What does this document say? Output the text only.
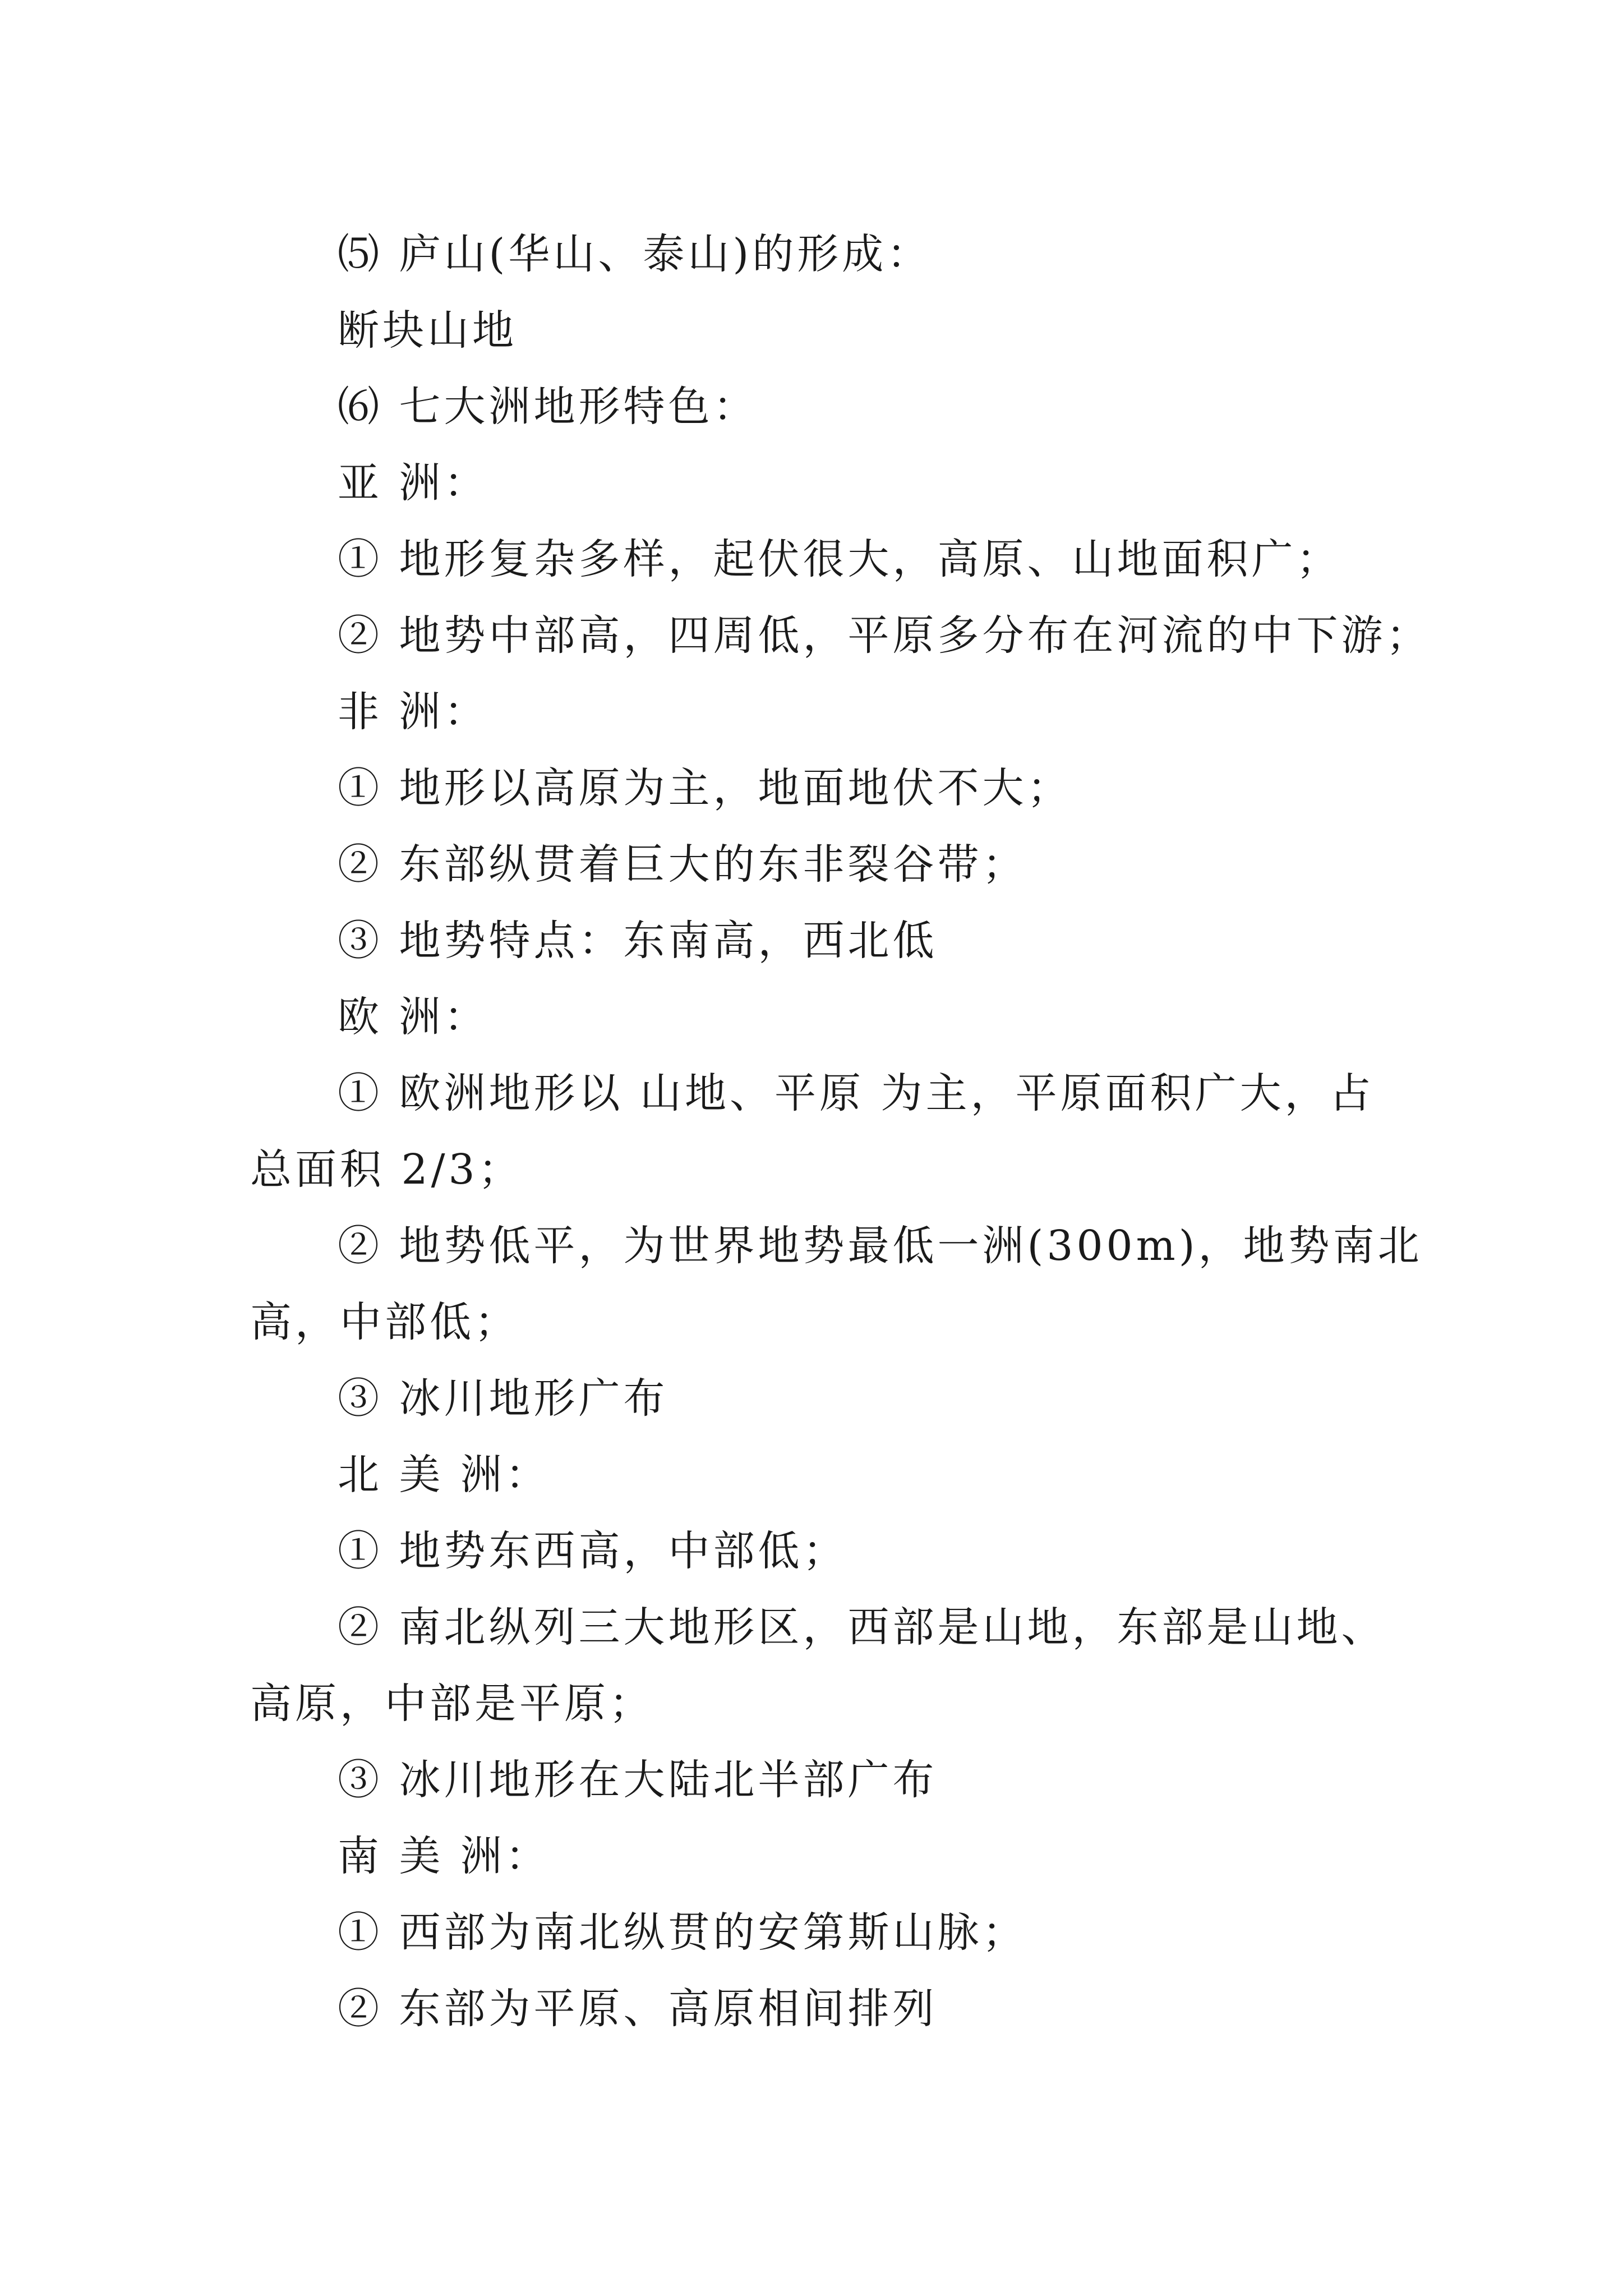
⑸ 庐山(华山、泰山)的形成：
断块山地
⑹ 七大洲地形特色：
亚 洲：
① 地形复杂多样，起伏很大，高原、山地面积广；
② 地势中部高，四周低，平原多分布在河流的中下游；
非 洲：
① 地形以高原为主，地面地伏不大；
② 东部纵贯着巨大的东非裂谷带；
③ 地势特点：东南高，西北低
欧 洲：
① 欧洲地形以 山地、平原 为主，平原面积广大，占
总面积 2/3；
② 地势低平，为世界地势最低一洲(300m)，地势南北
高，中部低；
③ 冰川地形广布
北 美 洲：
① 地势东西高，中部低；
② 南北纵列三大地形区，西部是山地，东部是山地、
高原，中部是平原；
③ 冰川地形在大陆北半部广布
南 美 洲：
① 西部为南北纵贯的安第斯山脉；
② 东部为平原、高原相间排列
